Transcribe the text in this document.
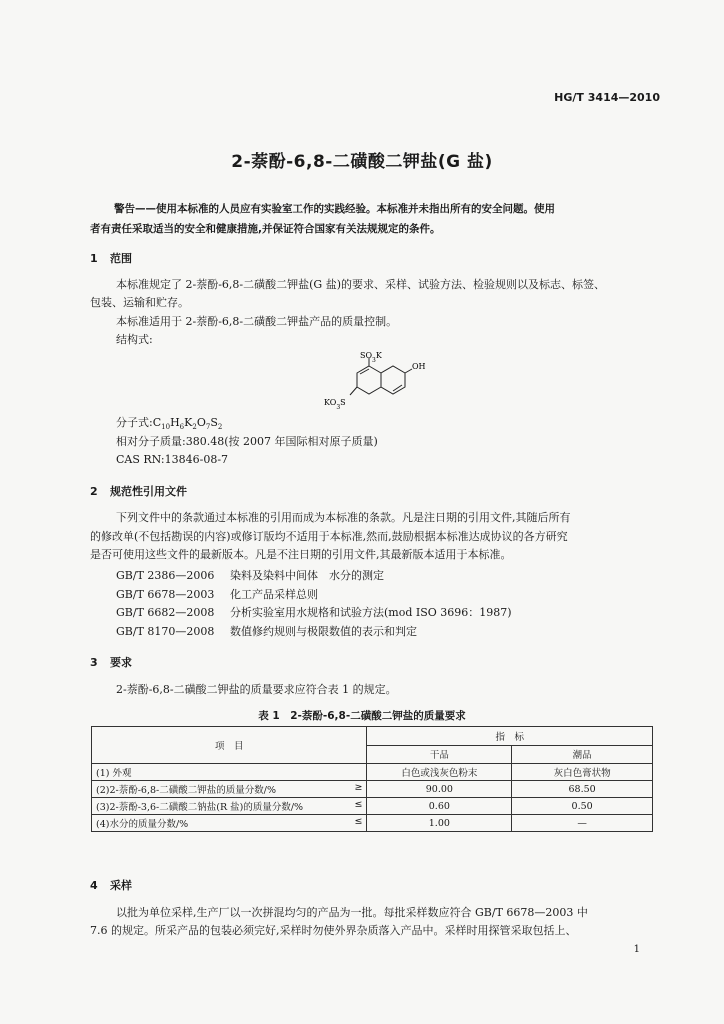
HG/T 3414—2010
2-萘酚-6,8-二磺酸二钾盐(G 盐)
警告——使用本标准的人员应有实验室工作的实践经验。本标准并未指出所有的安全问题。使用
者有责任采取适当的安全和健康措施,并保证符合国家有关法规规定的条件。
1 范围
本标准规定了 2-萘酚-6,8-二磺酸二钾盐(G 盐)的要求、采样、试验方法、检验规则以及标志、标签、
包装、运输和贮存。
本标准适用于 2-萘酚-6,8-二磺酸二钾盐产品的质量控制。
结构式:
$SO_3K$
OH
$KO_3S$
分子式$:C_{10}H_6K_2O_7S_2$
相对分子质量:380.48(按 2007 年国际相对原子质量)
CAS RN:13846-08-7
2 规范性引用文件
下列文件中的条款通过本标准的引用而成为本标准的条款。凡是注日期的引用文件,其随后所有
的修改单(不包括勘误的内容)或修订版均不适用于本标准,然而,鼓励根据本标准达成协议的各方研究
是否可使用这些文件的最新版本。凡是不注日期的引用文件,其最新版本适用于本标准。
GB/T 2386—2006 染料及染料中间体　水分的测定
GB/T 6678—2003 化工产品采样总则
GB/T 6682—2008 分析实验室用水规格和试验方法(mod ISO 3696：1987)
GB/T 8170—2008 数值修约规则与极限数值的表示和判定
3 要求
2-萘酚-6,8-二磺酸二钾盐的质量要求应符合表 1 的规定。
表 1　2-萘酚-6,8-二磺酸二钾盐的质量要求
项　目	指　标	
	干品	潮品
(1) 外观	白色或浅灰色粉末	灰白色膏状物
(2)2-萘酚-6,8-二磺酸二钾盐的质量分数/% ≥	90.00	68.50
(3)2-萘酚-3,6-二磺酸二钠盐(R 盐)的质量分数/% ≤	0.60	0.50
(4)水分的质量分数/% ≤	1.00	—
4 采样
以批为单位采样,生产厂以一次拼混均匀的产品为一批。每批采样数应符合 GB/T 6678—2003 中
7.6 的规定。所采产品的包装必须完好,采样时勿使外界杂质落入产品中。采样时用探管采取包括上、
1
